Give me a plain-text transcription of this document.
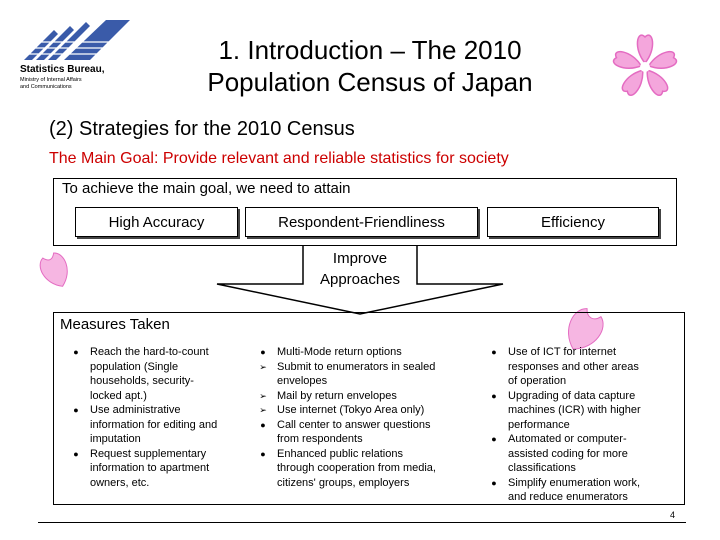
Statistics Bureau,
Ministry of Internal Affairs
and Communications
1. Introduction – The 2010
Population Census of Japan
(2) Strategies for the 2010 Census
The Main Goal: Provide relevant and reliable statistics for society
Improve
Approaches
To achieve the main goal, we need to attain
High Accuracy	Respondent-Friendliness	Efficiency
Measures Taken
●	Reach the hard-to-count
population (Single
households, security-
locked apt.)
●	Use administrative
information for editing and
imputation
●	Request supplementary
information to apartment
owners, etc.
●	Multi-Mode return options
➢ Submit to enumerators in sealed
envelopes
➢ Mail by return envelopes
➢ Use internet (Tokyo Area only)
●	Call center to answer questions
from respondents
●	Enhanced public relations
through cooperation from media,
citizens' groups, employers
●	Use of ICT for internet
responses and other areas
of operation
●	Upgrading of data capture
machines (ICR) with higher
performance
●	Automated or computer-
assisted coding for more
classifications
●	Simplify enumeration work,
and reduce enumerators
4
